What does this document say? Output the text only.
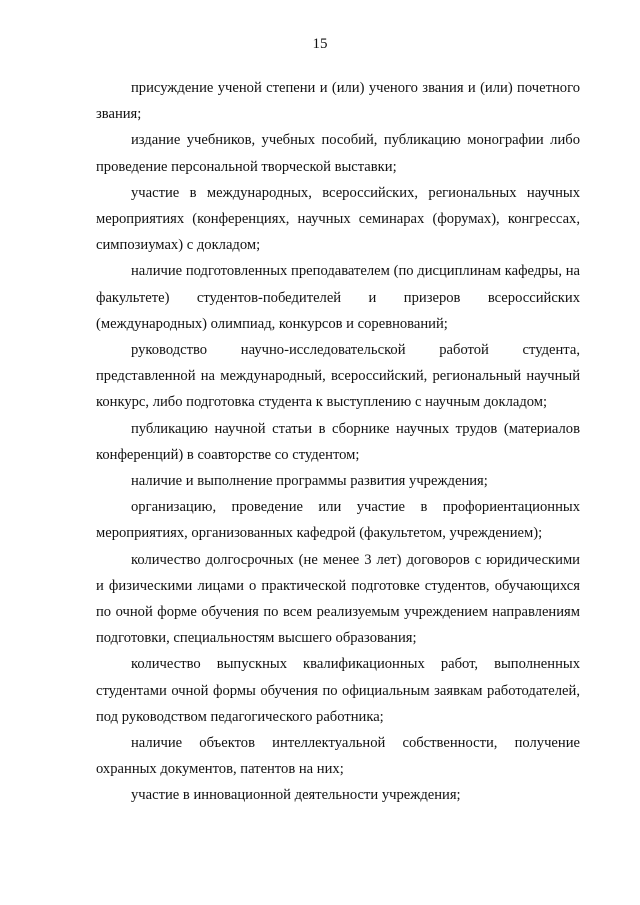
15

присуждение ученой степени и (или) ученого звания и (или) почетного звания;

издание учебников, учебных пособий, публикацию монографии либо проведение персональной творческой выставки;

участие в международных, всероссийских, региональных научных мероприятиях (конференциях, научных семинарах (форумах), конгрессах, симпозиумах) с докладом;

наличие подготовленных преподавателем (по дисциплинам кафедры, на факультете) студентов-победителей и призеров всероссийских (международных) олимпиад, конкурсов и соревнований;

руководство научно-исследовательской работой студента, представленной на международный, всероссийский, региональный научный конкурс, либо подготовка студента к выступлению с научным докладом;

публикацию научной статьи в сборнике научных трудов (материалов конференций) в соавторстве со студентом;

наличие и выполнение программы развития учреждения;

организацию, проведение или участие в профориентационных мероприятиях, организованных кафедрой (факультетом, учреждением);

количество долгосрочных (не менее 3 лет) договоров с юридическими и физическими лицами о практической подготовке студентов, обучающихся по очной форме обучения по всем реализуемым учреждением направлениям подготовки, специальностям высшего образования;

количество выпускных квалификационных работ, выполненных студентами очной формы обучения по официальным заявкам работодателей, под руководством педагогического работника;

наличие объектов интеллектуальной собственности, получение охранных документов, патентов на них;

участие в инновационной деятельности учреждения;
